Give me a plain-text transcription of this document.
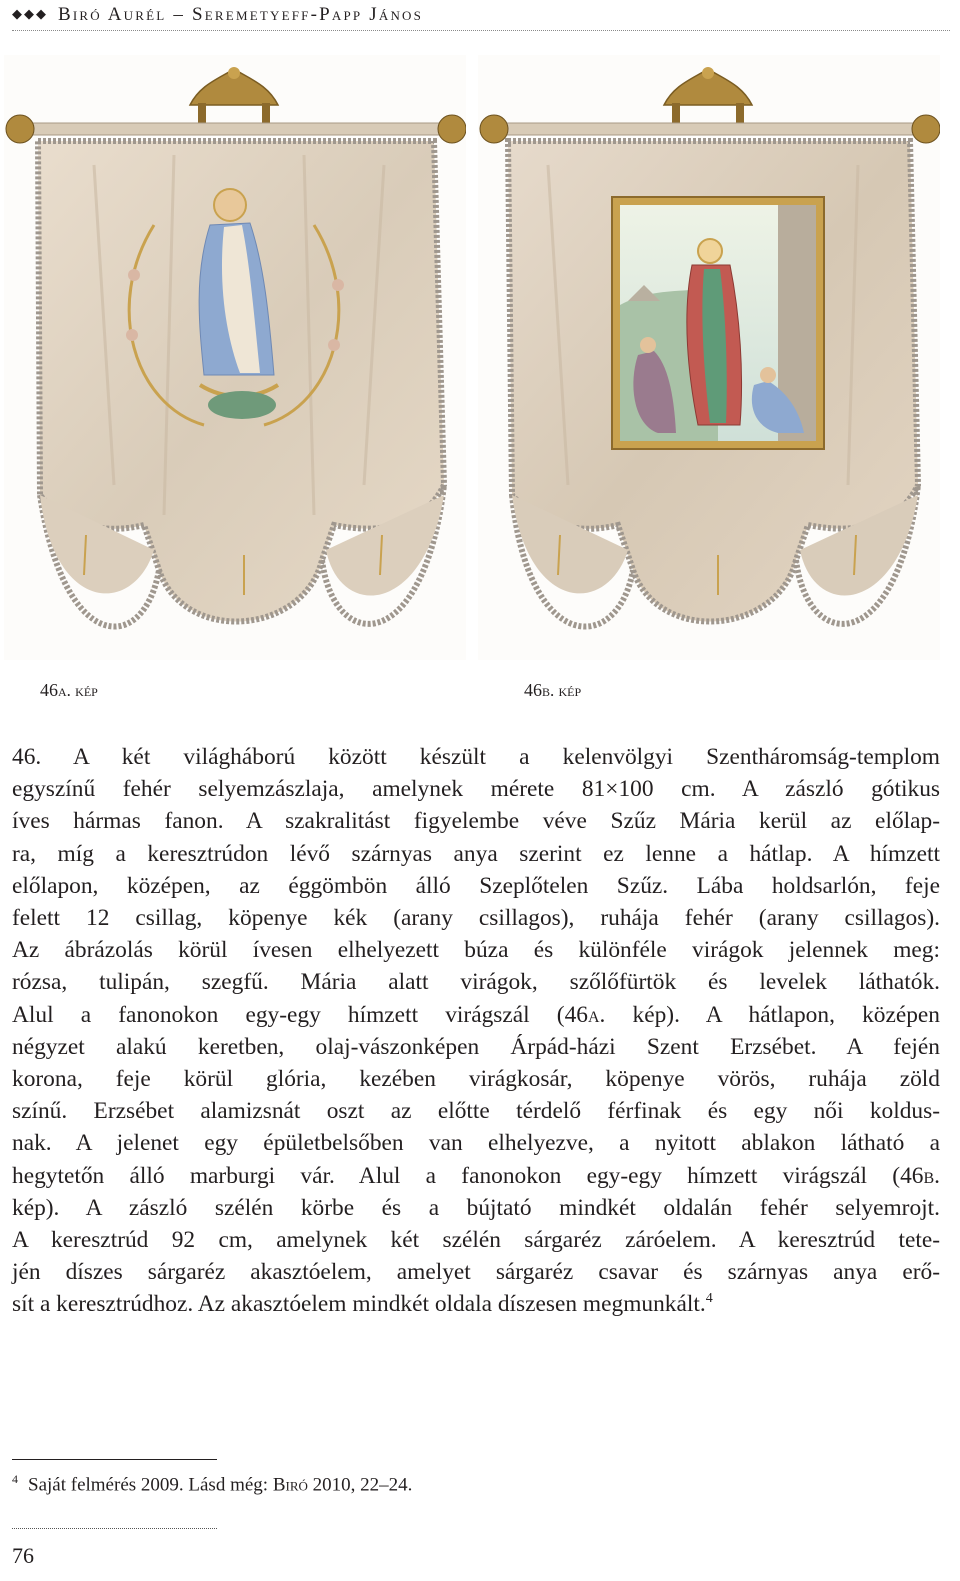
◆◆◆ Biró Aurél – Seremetyeff-Papp János
46a. kép	46b. kép
46. A két világháború között készült a kelenvölgyi Szentháromság-templom
egyszínű fehér selyemzászlaja, amelynek mérete 81×100 cm. A zászló gótikus
íves hármas fanon. A szakralitást figyelembe véve Szűz Mária kerül az előlap-
ra, míg a keresztrúdon lévő szárnyas anya szerint ez lenne a hátlap. A hímzett
előlapon, középen, az éggömbön álló Szeplőtelen Szűz. Lába holdsarlón, feje
felett 12 csillag, köpenye kék (arany csillagos), ruhája fehér (arany csillagos).
Az ábrázolás körül ívesen elhelyezett búza és különféle virágok jelennek meg:
rózsa, tulipán, szegfű. Mária alatt virágok, szőlőfürtök és levelek láthatók.
Alul a fanonokon egy-egy hímzett virágszál (46a. kép). A hátlapon, középen
négyzet alakú keretben, olaj-vászonképen Árpád-házi Szent Erzsébet. A fején
korona, feje körül glória, kezében virágkosár, köpenye vörös, ruhája zöld
színű. Erzsébet alamizsnát oszt az előtte térdelő férfinak és egy női koldus-
nak. A jelenet egy épületbelsőben van elhelyezve, a nyitott ablakon látható a
hegytetőn álló marburgi vár. Alul a fanonokon egy-egy hímzett virágszál (46b.
kép). A zászló szélén körbe és a bújtató mindkét oldalán fehér selyemrojt.
A keresztrúd 92 cm, amelynek két szélén sárgaréz záróelem. A keresztrúd tete-
jén díszes sárgaréz akasztóelem, amelyet sárgaréz csavar és szárnyas anya erő-
sít a keresztrúdhoz. Az akasztóelem mindkét oldala díszesen megmunkált.$^4$
$^4$ Saját felmérés 2009. Lásd még: Biró 2010, 22–24.
76
